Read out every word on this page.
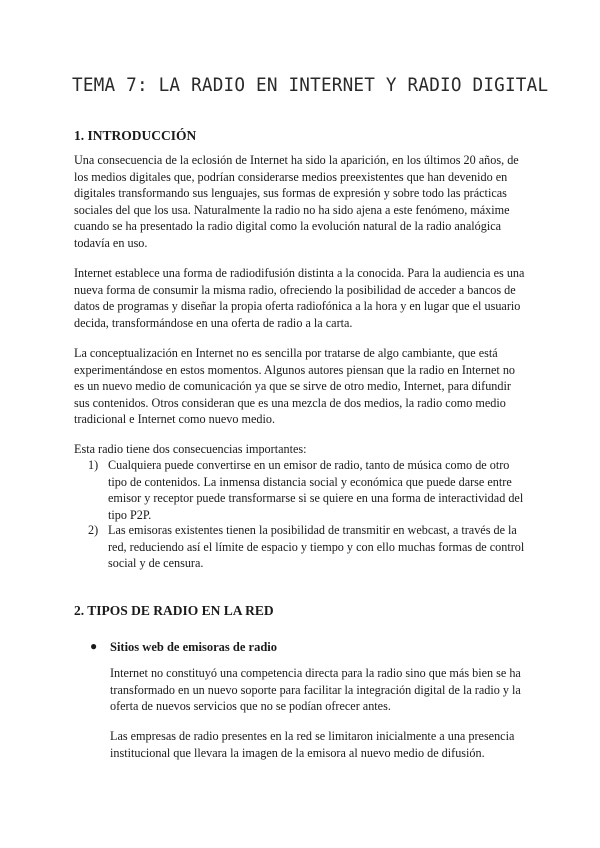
TEMA 7: LA RADIO EN INTERNET Y RADIO DIGITAL
1. INTRODUCCIÓN
Una consecuencia de la eclosión de Internet ha sido la aparición, en los últimos 20 años, de los medios digitales que, podrían considerarse medios preexistentes que han devenido en digitales transformando sus lenguajes, sus formas de expresión y sobre todo las prácticas sociales del que los usa. Naturalmente la radio no ha sido ajena a este fenómeno, máxime cuando se ha presentado la radio digital como la evolución natural de la radio analógica todavía en uso.
Internet establece una forma de radiodifusión distinta a la conocida. Para la audiencia es una nueva forma de consumir la misma radio, ofreciendo la posibilidad de acceder a bancos de datos de programas y diseñar la propia oferta radiofónica a la hora y en lugar que el usuario decida, transformándose en una oferta de radio a la carta.
La conceptualización en Internet no es sencilla por tratarse de algo cambiante, que está experimentándose en estos momentos. Algunos autores piensan que la radio en Internet no es un nuevo medio de comunicación ya que se sirve de otro medio, Internet, para difundir sus contenidos. Otros consideran que es una mezcla de dos medios, la radio como medio tradicional e Internet como nuevo medio.
Esta radio tiene dos consecuencias importantes:
1) Cualquiera puede convertirse en un emisor de radio, tanto de música como de otro tipo de contenidos. La inmensa distancia social y económica que puede darse entre emisor y receptor puede transformarse si se quiere en una forma de interactividad del tipo P2P.
2) Las emisoras existentes tienen la posibilidad de transmitir en webcast, a través de la red, reduciendo así el límite de espacio y tiempo y con ello muchas formas de control social y de censura.
2. TIPOS DE RADIO EN LA RED
● Sitios web de emisoras de radio
Internet no constituyó una competencia directa para la radio sino que más bien se ha transformado en un nuevo soporte para facilitar la integración digital de la radio y la oferta de nuevos servicios que no se podían ofrecer antes.
Las empresas de radio presentes en la red se limitaron inicialmente a una presencia institucional que llevara la imagen de la emisora al nuevo medio de difusión.
